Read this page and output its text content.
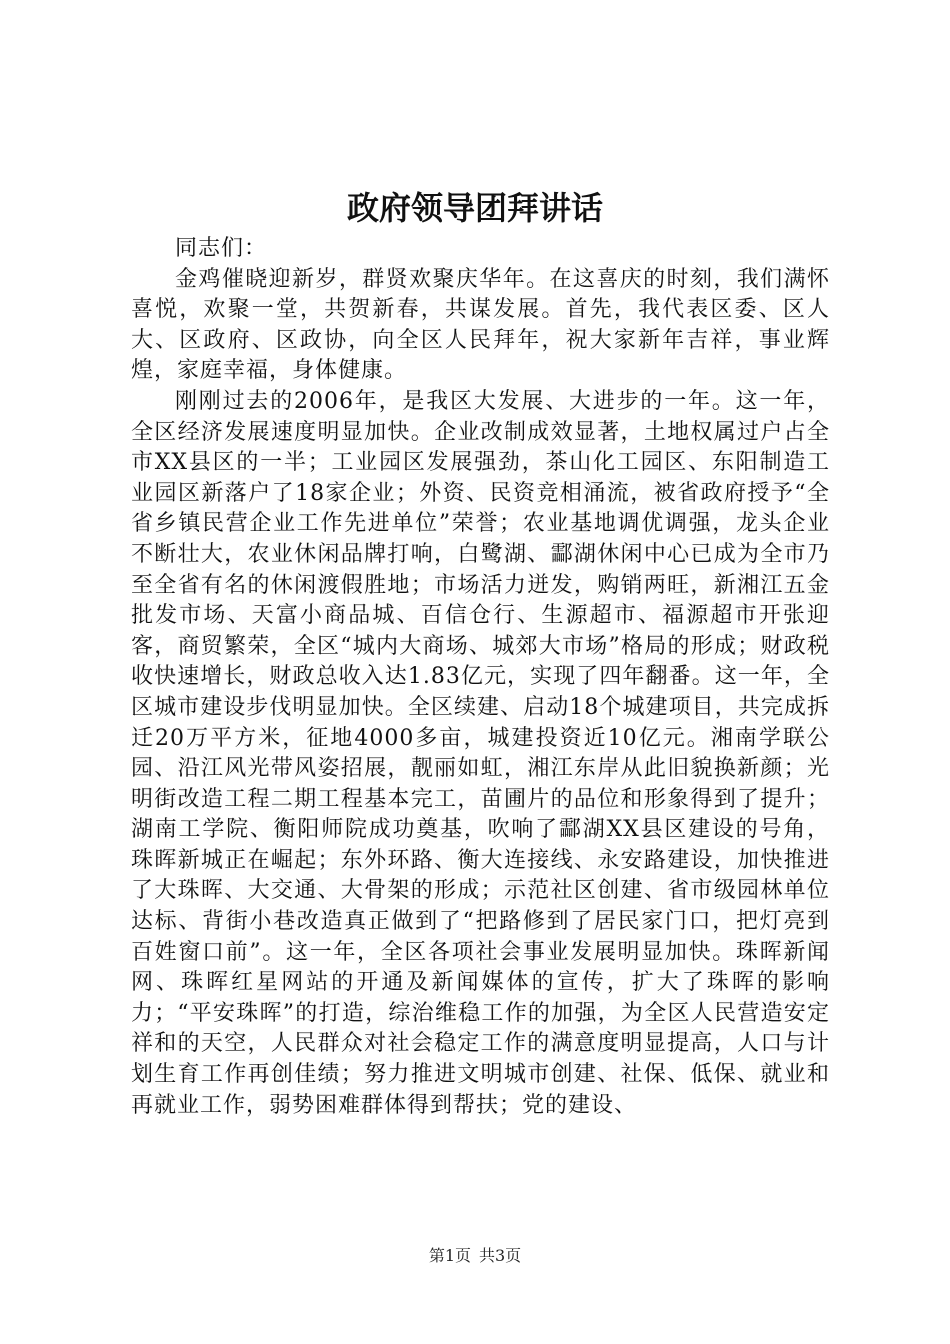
政府领导团拜讲话

同志们：

金鸡催晓迎新岁，群贤欢聚庆华年。在这喜庆的时刻，我们满怀喜悦，欢聚一堂，共贺新春，共谋发展。首先，我代表区委、区人大、区政府、区政协，向全区人民拜年，祝大家新年吉祥，事业辉煌，家庭幸福，身体健康。

刚刚过去的2006年，是我区大发展、大进步的一年。这一年，全区经济发展速度明显加快。企业改制成效显著，土地权属过户占全市XX县区的一半；工业园区发展强劲，茶山化工园区、东阳制造工业园区新落户了18家企业；外资、民资竞相涌流，被省政府授予“全省乡镇民营企业工作先进单位”荣誉；农业基地调优调强，龙头企业不断壮大，农业休闲品牌打响，白鹭湖、酃湖休闲中心已成为全市乃至全省有名的休闲渡假胜地；市场活力迸发，购销两旺，新湘江五金批发市场、天富小商品城、百信仓行、生源超市、福源超市开张迎客，商贸繁荣，全区“城内大商场、城郊大市场”格局的形成；财政税收快速增长，财政总收入达1.83亿元，实现了四年翻番。这一年，全区城市建设步伐明显加快。全区续建、启动18个城建项目，共完成拆迁20万平方米，征地4000多亩，城建投资近10亿元。湘南学联公园、沿江风光带风姿招展，靓丽如虹，湘江东岸从此旧貌换新颜；光明街改造工程二期工程基本完工，苗圃片的品位和形象得到了提升；湖南工学院、衡阳师院成功奠基，吹响了酃湖XX县区建设的号角，珠晖新城正在崛起；东外环路、衡大连接线、永安路建设，加快推进了大珠晖、大交通、大骨架的形成；示范社区创建、省市级园林单位达标、背街小巷改造真正做到了“把路修到了居民家门口，把灯亮到百姓窗口前”。这一年，全区各项社会事业发展明显加快。珠晖新闻网、珠晖红星网站的开通及新闻媒体的宣传，扩大了珠晖的影响力；“平安珠晖”的打造，综治维稳工作的加强，为全区人民营造安定祥和的天空，人民群众对社会稳定工作的满意度明显提高，人口与计划生育工作再创佳绩；努力推进文明城市创建、社保、低保、就业和再就业工作，弱势困难群体得到帮扶；党的建设、

第1页 共3页
